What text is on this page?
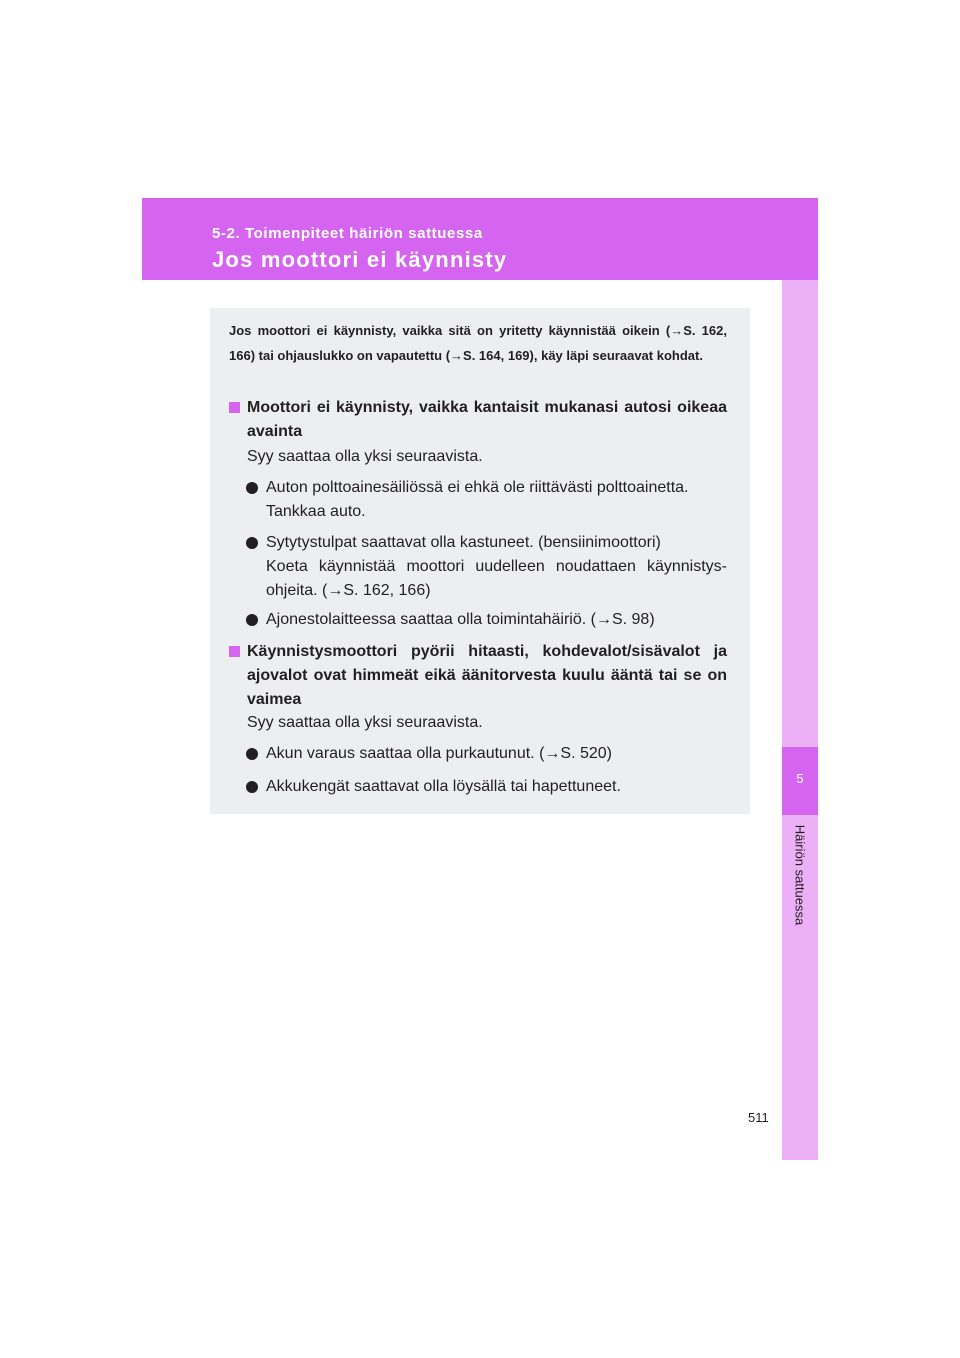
5-2. Toimenpiteet häiriön sattuessa
Jos moottori ei käynnisty
5
Häiriön sattuessa

Jos moottori ei käynnisty, vaikka sitä on yritetty käynnistää oikein (→S. 162, 166) tai ohjauslukko on vapautettu (→S. 164, 169), käy läpi seuraavat kohdat.

Moottori ei käynnisty, vaikka kantaisit mukanasi autosi oikeaa avainta

Syy saattaa olla yksi seuraavista.

Auton polttoainesäiliössä ei ehkä ole riittävästi polttoainetta.
Tankkaa auto.
Sytytystulpat saattavat olla kastuneet. (bensiinimoottori)
Koeta käynnistää moottori uudelleen noudattaen käynnistys-ohjeita. (→S. 162, 166)
Ajonestolaitteessa saattaa olla toimintahäiriö. (→S. 98)

Käynnistysmoottori pyörii hitaasti, kohdevalot/sisävalot ja ajovalot ovat himmeät eikä äänitorvesta kuulu ääntä tai se on vaimea

Syy saattaa olla yksi seuraavista.

Akun varaus saattaa olla purkautunut. (→S. 520)
Akkukengät saattavat olla löysällä tai hapettuneet.
511
